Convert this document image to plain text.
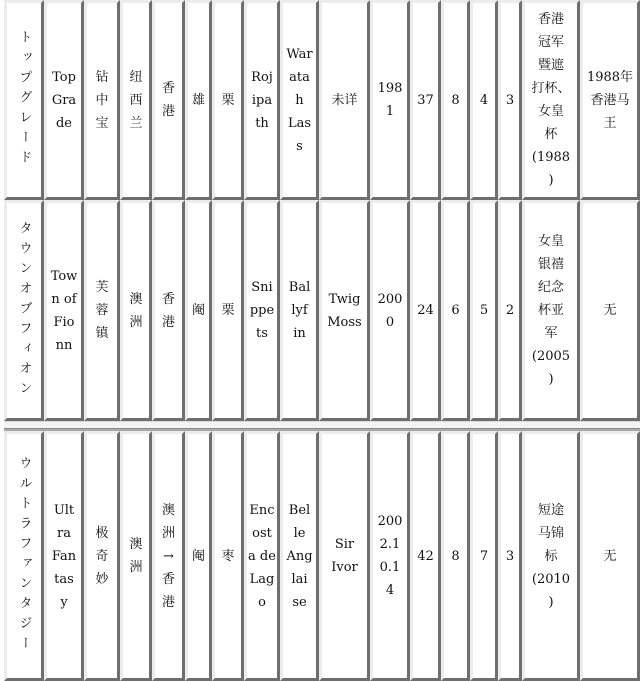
トップグレード Top
Gra
de
钻
中
宝
纽
西
兰
香
港
雄 栗
Roj
ipa
th
War
ata
h
Las
s
未详
198
1
37 8 4 3
香港
冠军
暨遮
打杯、
女皇
杯
(1988
)
1988年
香港马
王
タウンオブフィオン Tow
n of
Fio
nn
芙
蓉
镇
澳
洲
香
港
阉 栗
Sni
ppe
ts
Bal
lyf
in
Twig
Moss
200
0
24 6 5 2
女皇
银禧
纪念
杯亚
军
(2005
)
无
ウルトラファンタジー Ult
ra
Fan
tas
y
极
奇
妙
澳
洲
澳
洲
→
香
港
阉 枣
Enc
ost
a de
Lag
o
Bel
le
Ang
lai
se
Sir
Ivor
200
2.1
0.1
4
42 8 7 3
短途
马锦
标
(2010
)
无
